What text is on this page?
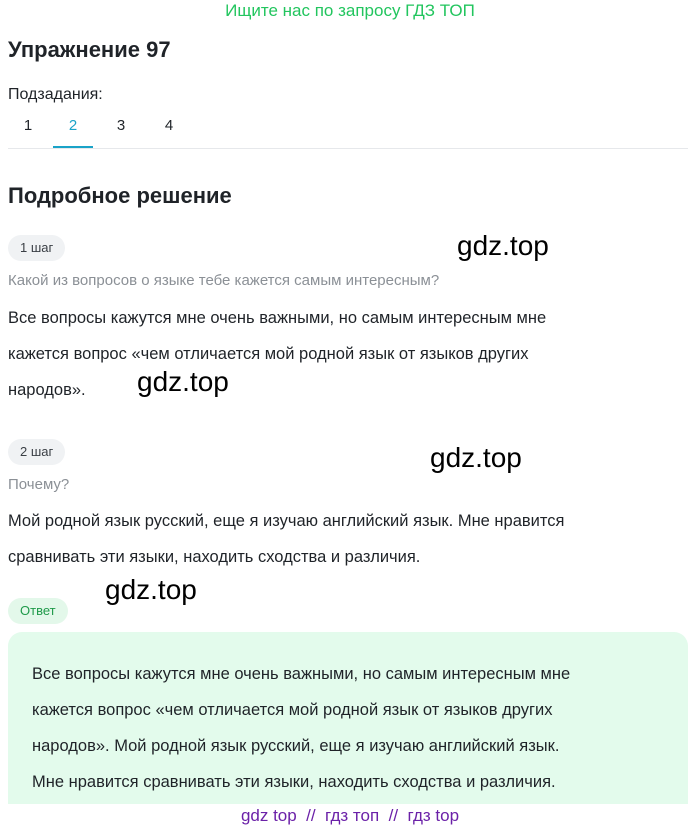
Ищите нас по запросу ГДЗ ТОП
Упражнение 97
Подзадания:
1	2	3	4
Подробное решение
1 шаг
Какой из вопросов о языке тебе кажется самым интересным?
Все вопросы кажутся мне очень важными, но самым интересным мне
кажется вопрос «чем отличается мой родной язык от языков других
народов».
2 шаг
Почему?
Мой родной язык русский, еще я изучаю английский язык. Мне нравится
сравнивать эти языки, находить сходства и различия.
Ответ
Все вопросы кажутся мне очень важными, но самым интересным мне
кажется вопрос «чем отличается мой родной язык от языков других
народов». Мой родной язык русский, еще я изучаю английский язык.
Мне нравится сравнивать эти языки, находить сходства и различия.
gdz.top
gdz.top
gdz.top
gdz.top
gdz top  //  гдз топ  //  гдз top
